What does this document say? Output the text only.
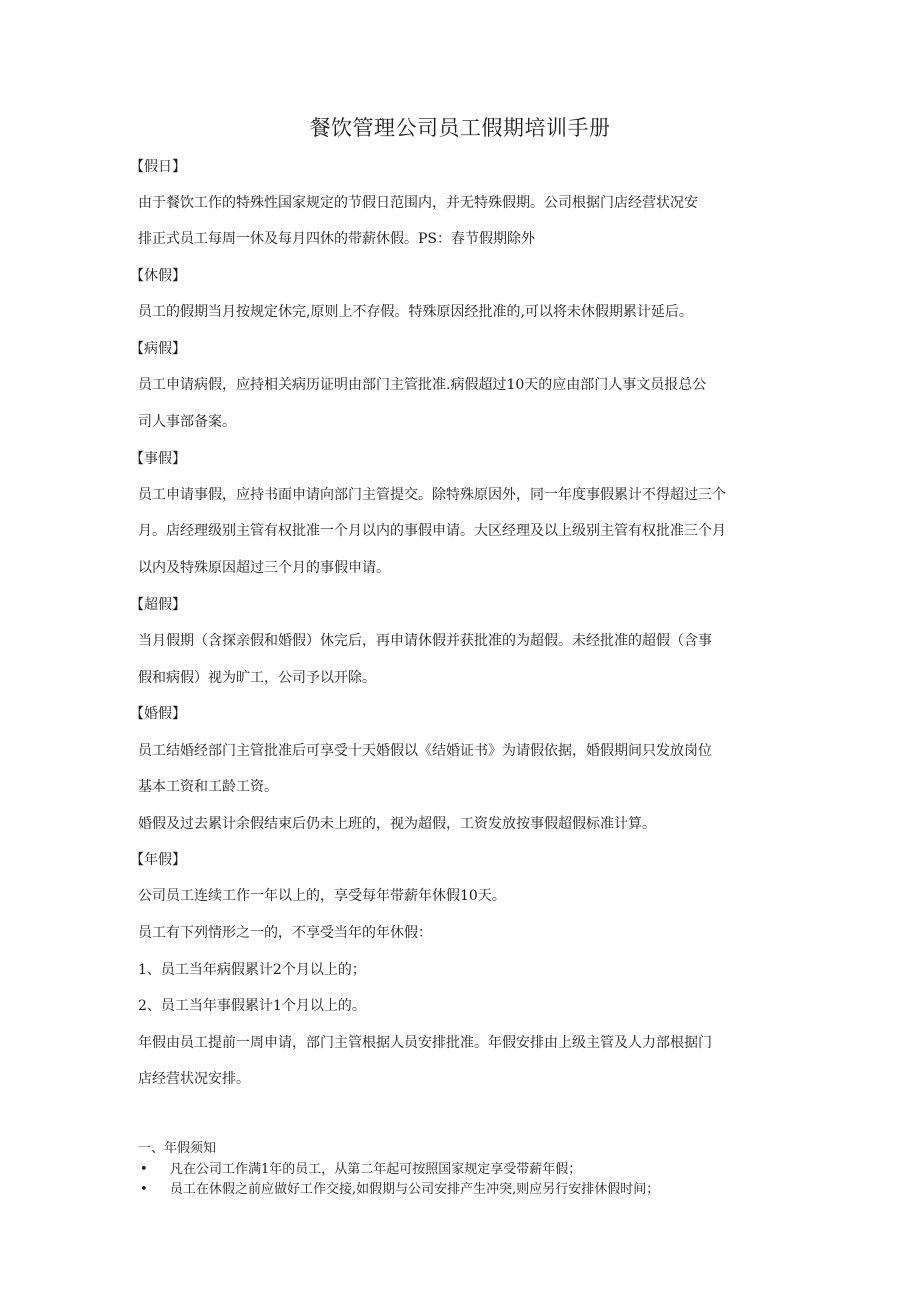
餐饮管理公司员工假期培训手册
【假日】
由于餐饮工作的特殊性国家规定的节假日范围内，并无特殊假期。公司根据门店经营状况安
排正式员工每周一休及每月四休的带薪休假。PS：春节假期除外
【休假】
员工的假期当月按规定休完,原则上不存假。特殊原因经批准的,可以将未休假期累计延后。
【病假】
员工申请病假，应持相关病历证明由部门主管批准.病假超过10天的应由部门人事文员报总公
司人事部备案。
【事假】
员工申请事假，应持书面申请向部门主管提交。除特殊原因外，同一年度事假累计不得超过三个
月。店经理级别主管有权批准一个月以内的事假申请。大区经理及以上级别主管有权批准三个月
以内及特殊原因超过三个月的事假申请。
【超假】
当月假期（含探亲假和婚假）休完后，再申请休假并获批准的为超假。未经批准的超假（含事
假和病假）视为旷工，公司予以开除。
【婚假】
员工结婚经部门主管批准后可享受十天婚假以《结婚证书》为请假依据，婚假期间只发放岗位
基本工资和工龄工资。
婚假及过去累计余假结束后仍未上班的，视为超假，工资发放按事假超假标准计算。
【年假】
公司员工连续工作一年以上的，享受每年带薪年休假10天。
员工有下列情形之一的，不享受当年的年休假：
1、员工当年病假累计2个月以上的；
2、员工当年事假累计1个月以上的。
年假由员工提前一周申请，部门主管根据人员安排批准。年假安排由上级主管及人力部根据门
店经营状况安排。
一、年假须知
• 凡在公司工作满1年的员工，从第二年起可按照国家规定享受带薪年假；
• 员工在休假之前应做好工作交接,如假期与公司安排产生冲突,则应另行安排休假时间；
